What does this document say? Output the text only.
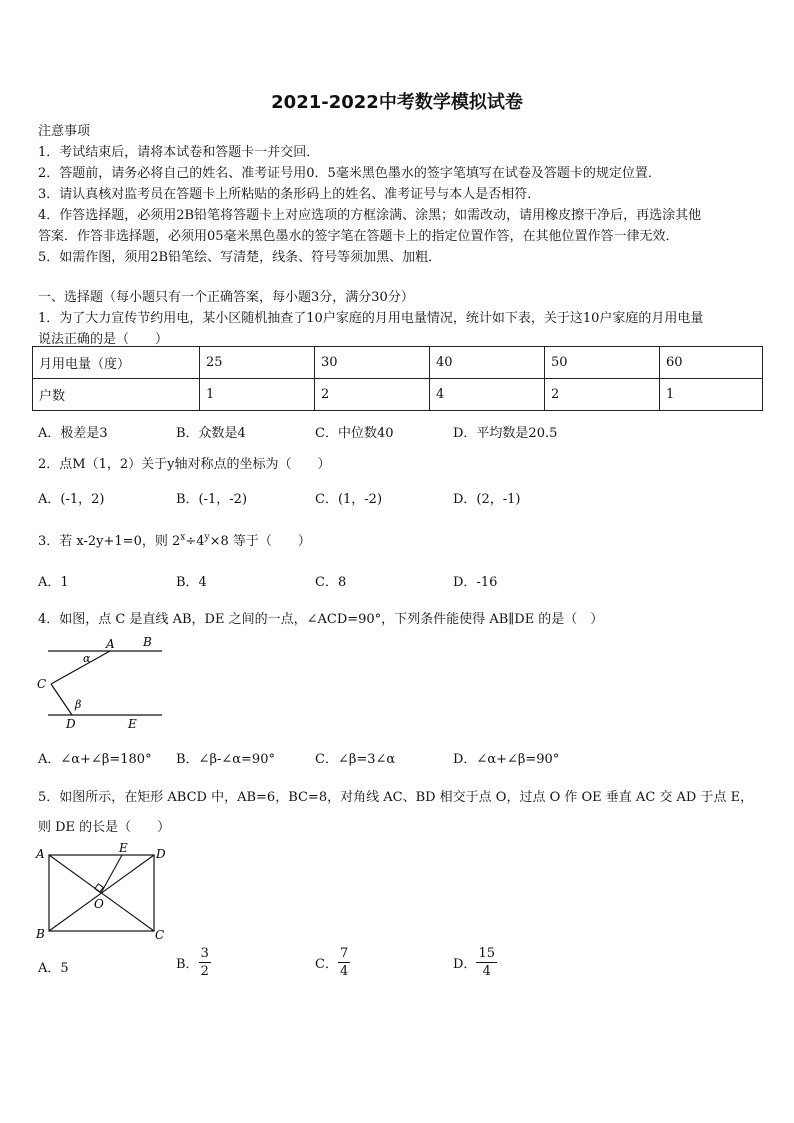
2021-2022中考数学模拟试卷
注意事项
1．考试结束后，请将本试卷和答题卡一并交回．
2．答题前，请务必将自己的姓名、准考证号用0．5毫米黑色墨水的签字笔填写在试卷及答题卡的规定位置．
3．请认真核对监考员在答题卡上所粘贴的条形码上的姓名、准考证号与本人是否相符．
4．作答选择题，必须用2B铅笔将答题卡上对应选项的方框涂满、涂黑；如需改动，请用橡皮擦干净后，再选涂其他
答案．作答非选择题，必须用05毫米黑色墨水的签字笔在答题卡上的指定位置作答，在其他位置作答一律无效．
5．如需作图，须用2B铅笔绘、写清楚，线条、符号等须加黑、加粗．
一、选择题（每小题只有一个正确答案，每小题3分，满分30分）
1．为了大力宣传节约用电，某小区随机抽查了10户家庭的月用电量情况，统计如下表，关于这10户家庭的月用电量
说法正确的是（　　）
月用电量（度）	25	30	40	50	60
户数	1	2	4	2	1
A．极差是3	B．众数是4	C．中位数40	D．平均数是20.5
2．点M（1，2）关于y轴对称点的坐标为（　　）
A．(-1，2)	B．(-1，-2)	C．(1，-2)	D．(2，-1)
3．若 x-2y+1=0，则 $2^x\div 4^y\times 8$ 等于（　　）
A．1	B．4	C．8	D．-16
4．如图，点 C 是直线 AB，DE 之间的一点，∠ACD=90°，下列条件能使得 AB∥DE 的是（　）
A B
C
D	E
α
β
A．∠α+∠β=180° B．∠β-∠α=90°	C．∠β=3∠α	D．∠α+∠β=90°
5．如图所示，在矩形 ABCD 中，AB=6，BC=8，对角线 AC、BD 相交于点 O，过点 O 作 OE 垂直 AC 交 AD 于点 E，
则 DE 的长是（　　）
A
B	C
D
E
O
A．5	B． $\frac{3}{2}$	C． $\frac{7}{4}$	D． $\frac{15}{4}$
